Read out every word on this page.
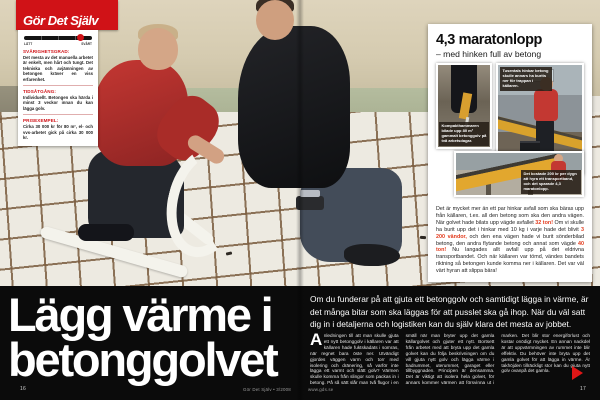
Gör Det Själv
LÄTT	SVÅRT
SVÅRIGHETSGRAD:

Det mesta av det manuella arbetet är enkelt, men hårt och tungt. Det tekniska och avjämningen av betongen kräver en viss erfarenhet.

TIDSÅTGÅNG:

Individuellt. Betongen ska härda i minst 3 veckor innan du kan lägga golv.

PRISEXEMPEL:

Cirka 30 000 kr för 80 m², el- och vvs-arbetet gick på cirka 30 000 kr.

4,3 maratonlopp
– med hinken full av betong
Kompakthammaren bilade upp 80 m² gammalt betonggolv på två arbetsdagar.
Tusentals hinkar betong skulle annars ha burits ner för trappan i källaren.
Det kostade 200 kr per dygn att hyra ett transportband, och det sparade 4,3 maratonlopp.

Det är mycket mer än ett par hinkar avfall som ska bäras upp från källaren, t.ex. all den betong som ska den andra vägen. När golvet hade bilats upp vägde avfallet 32 ton! Om vi skulle ha burit upp det i hinkar med 10 kg i varje hade det blivit 3 200 vändor, och den ena vägen hade vi burit sönderbilad betong, den andra flytande betong och annat som vägde 40 ton! Nu langades allt avfall upp på det eldrivna transportbandet. Och när källaren var tömd, vändes bandets riktning så betongen kunde komma ner i källaren. Det var väl värt hyran att slippa bära!

Lägg värme i
betonggolvet

Om du funderar på att gjuta ett betonggolv och samtidigt lägga in värme, är det många bitar som ska läggas för att pusslet ska gå ihop. När du väl satt dig in i detaljerna och logistiken kan du själv klara det mesta av jobbet.

Anledningen till att man skulle gjuta ett nytt betonggolv i källaren var att källaren hade fuktskadats i somras, när regnet bara öste ner. Utvändigt gjordes väggen varm och torr med isolering och dränering, så varför inte lägga ett varmt och slätt golv? Värmen skulle komma från slingor som packas in i betong. På så sätt slår man två flugor i en smäll när man bryter upp det gamla källargolvet och gjuter ett nytt. Bortsett från arbetet med att bryta upp det gamla golvet kan du följa beskrivningen om du vill gjuta nytt golv och lägga värme i badrummet, uterummet, garaget eller tillbyggnaden. Principen är densamma. Det är viktigt att isolera hela golvet, för annars kommer värmen att försvinna ut i marken. Det blir stor energiförlust och kostar onödigt mycket. En annan nackdel är att uppvärmningen av rummet inte blir effektiv. Du behöver inte bryta upp det gamla golvet för att lägga in värme. Är takhöjden tillräckligt stor kan du gjuta nytt golv ovanpå det gamla.
16	Gör Det Själv • 3/2008	www.gds.se	17
